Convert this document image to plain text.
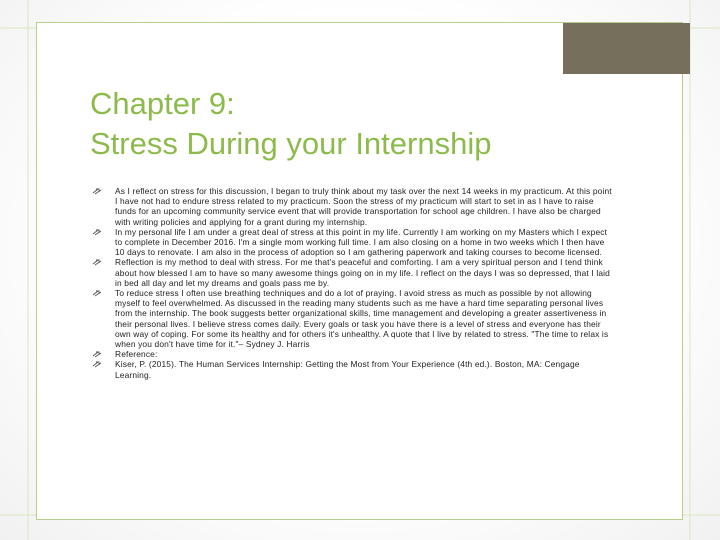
Chapter 9:
Stress During your Internship
As I reflect on stress for this discussion, I began to truly think about my task over the next 14 weeks in my practicum. At this point I have not had to endure stress related to my practicum. Soon the stress of my practicum will start to set in as I have to raise funds for an upcoming community service event that will provide transportation for school age children. I have also be charged with writing policies and applying for a grant during my internship.
In my personal life I am under a great deal of stress at this point in my life. Currently I am working on my Masters which I expect to complete in December 2016. I'm a single mom working full time. I am also closing on a home in two weeks which I then have 10 days to renovate. I am also in the process of adoption so I am gathering paperwork and taking courses to become licensed.
Reflection is my method to deal with stress. For me that's peaceful and comforting. I am a very spiritual person and I tend think about how blessed I am to have so many awesome things going on in my life. I reflect on the days I was so depressed, that I laid in bed all day and let my dreams and goals pass me by.
To reduce stress I often use breathing techniques and do a lot of praying. I avoid stress as much as possible by not allowing myself to feel overwhelmed. As discussed in the reading many students such as me have a hard time separating personal lives from the internship. The book suggests better organizational skills, time management and developing a greater assertiveness in their personal lives. I believe stress comes daily. Every goals or task you have there is a level of stress and everyone has their own way of coping. For some its healthy and for others it's unhealthy. A quote that I live by related to stress. "The time to relax is when you don't have time for it."– Sydney J. Harris
Reference:
Kiser, P. (2015). The Human Services Internship: Getting the Most from Your Experience (4th ed.). Boston, MA: Cengage Learning.
